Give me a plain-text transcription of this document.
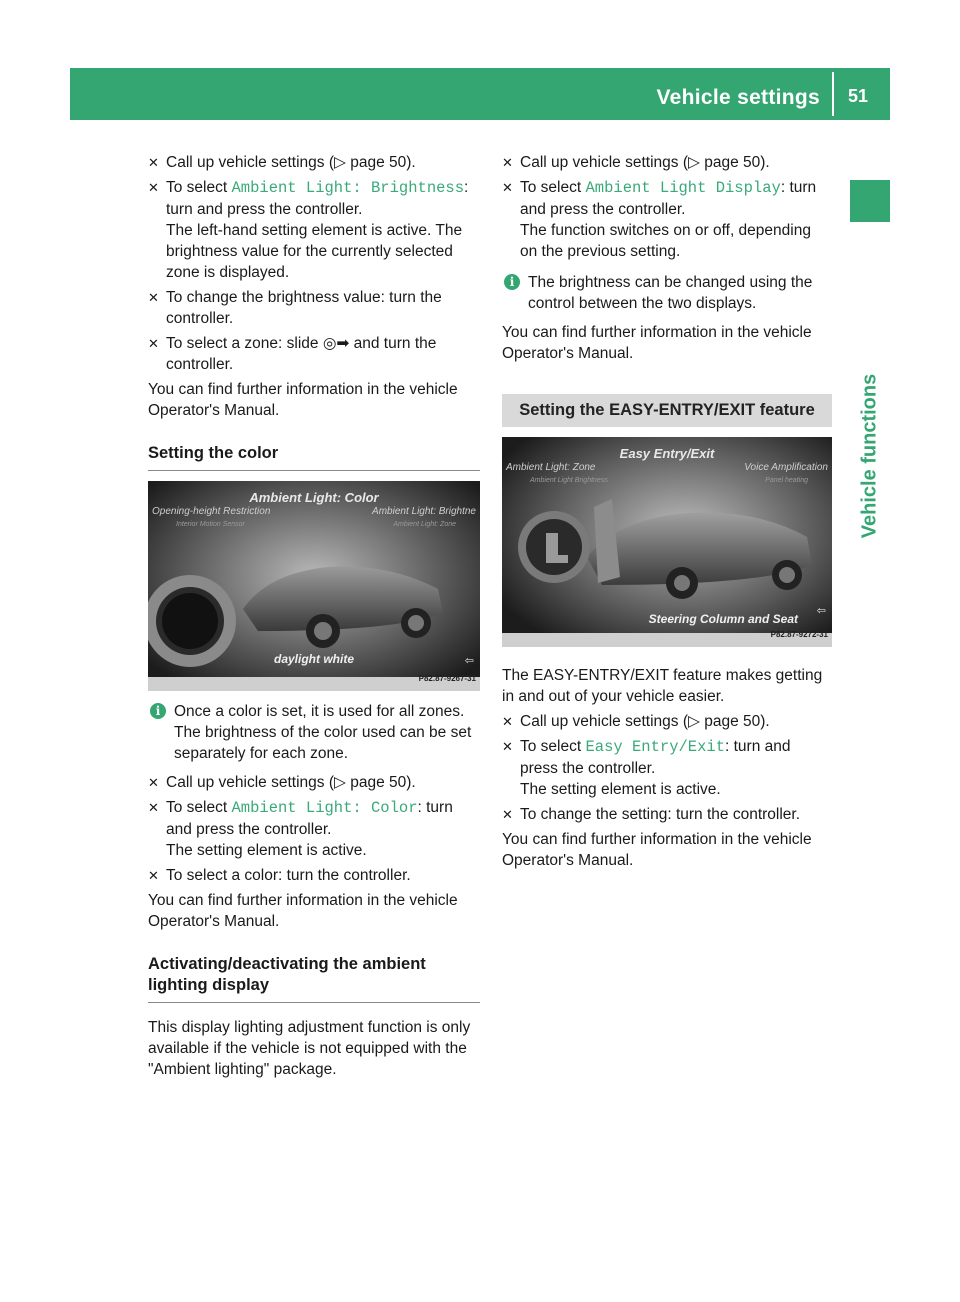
Vehicle settings 51
Vehicle functions
✕ Call up vehicle settings (▷ page 50).
✕ To select Ambient Light: Brightness:
turn and press the controller.
The left-hand setting element is active. The brightness value for the currently selected zone is displayed.
✕ To change the brightness value: turn the controller.
✕ To select a zone: slide ◎➡ and turn the controller.
You can find further information in the vehicle Operator's Manual.
Setting the color
Ambient Light: Color
Opening-height Restriction
Interior Motion Sensor
Ambient Light: Brightne
Ambient Light: Zone
daylight white	⇦
P82.87-9267-31
i Once a color is set, it is used for all zones. The brightness of the color used can be set separately for each zone.
✕ Call up vehicle settings (▷ page 50).
✕ To select Ambient Light: Color: turn
and press the controller.
The setting element is active.
✕ To select a color: turn the controller.
You can find further information in the vehicle Operator's Manual.
Activating/deactivating the ambient lighting display
This display lighting adjustment function is only available if the vehicle is not equipped with the "Ambient lighting" package.
✕ Call up vehicle settings (▷ page 50).
✕ To select Ambient Light Display: turn
and press the controller.
The function switches on or off, depending on the previous setting.
i The brightness can be changed using the control between the two displays.
You can find further information in the vehicle Operator's Manual.
Setting the EASY-ENTRY/EXIT feature
Easy Entry/Exit
Ambient Light: Zone
Ambient Light Brightness
Voice Amplification
Panel heating
Steering Column and Seat
⇦
P82.87-9272-31
The EASY-ENTRY/EXIT feature makes getting in and out of your vehicle easier.
✕ Call up vehicle settings (▷ page 50).
✕ To select Easy Entry/Exit: turn and
press the controller.
The setting element is active.
✕ To change the setting: turn the controller.
You can find further information in the vehicle Operator's Manual.
